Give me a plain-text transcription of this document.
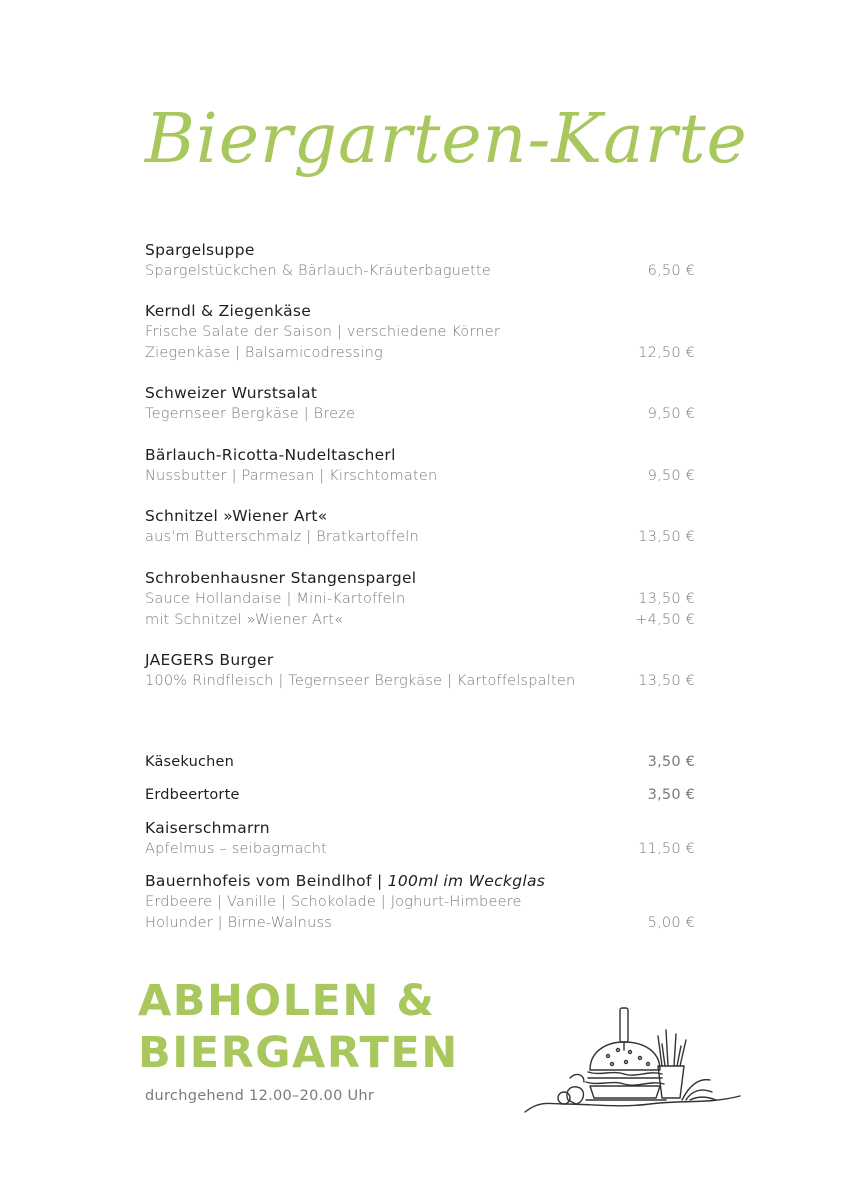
Biergarten-Karte
Spargelsuppe
Spargelstückchen & Bärlauch-Kräuterbaguette	6,50 €
Kerndl & Ziegenkäse
Frische Salate der Saison | verschiedene Körner
Ziegenkäse | Balsamicodressing	12,50 €
Schweizer Wurstsalat
Tegernseer Bergkäse | Breze	9,50 €
Bärlauch-Ricotta-Nudeltascherl
Nussbutter | Parmesan | Kirschtomaten	9,50 €
Schnitzel »Wiener Art«
aus'm Butterschmalz | Bratkartoffeln	13,50 €
Schrobenhausner Stangenspargel
Sauce Hollandaise | Mini-Kartoffeln	13,50 €
mit Schnitzel »Wiener Art«	+4,50 €
JAEGERS Burger
100% Rindfleisch | Tegernseer Bergkäse | Kartoffelspalten	13,50 €
Käsekuchen	3,50 €
Erdbeertorte	3,50 €
Kaiserschmarrn
Apfelmus – seibagmacht	11,50 €
Bauernhofeis vom Beindlhof | 100ml im Weckglas
Erdbeere | Vanille | Schokolade | Joghurt-Himbeere
Holunder | Birne-Walnuss	5,00 €
ABHOLEN &
BIERGARTEN
durchgehend 12.00–20.00 Uhr
